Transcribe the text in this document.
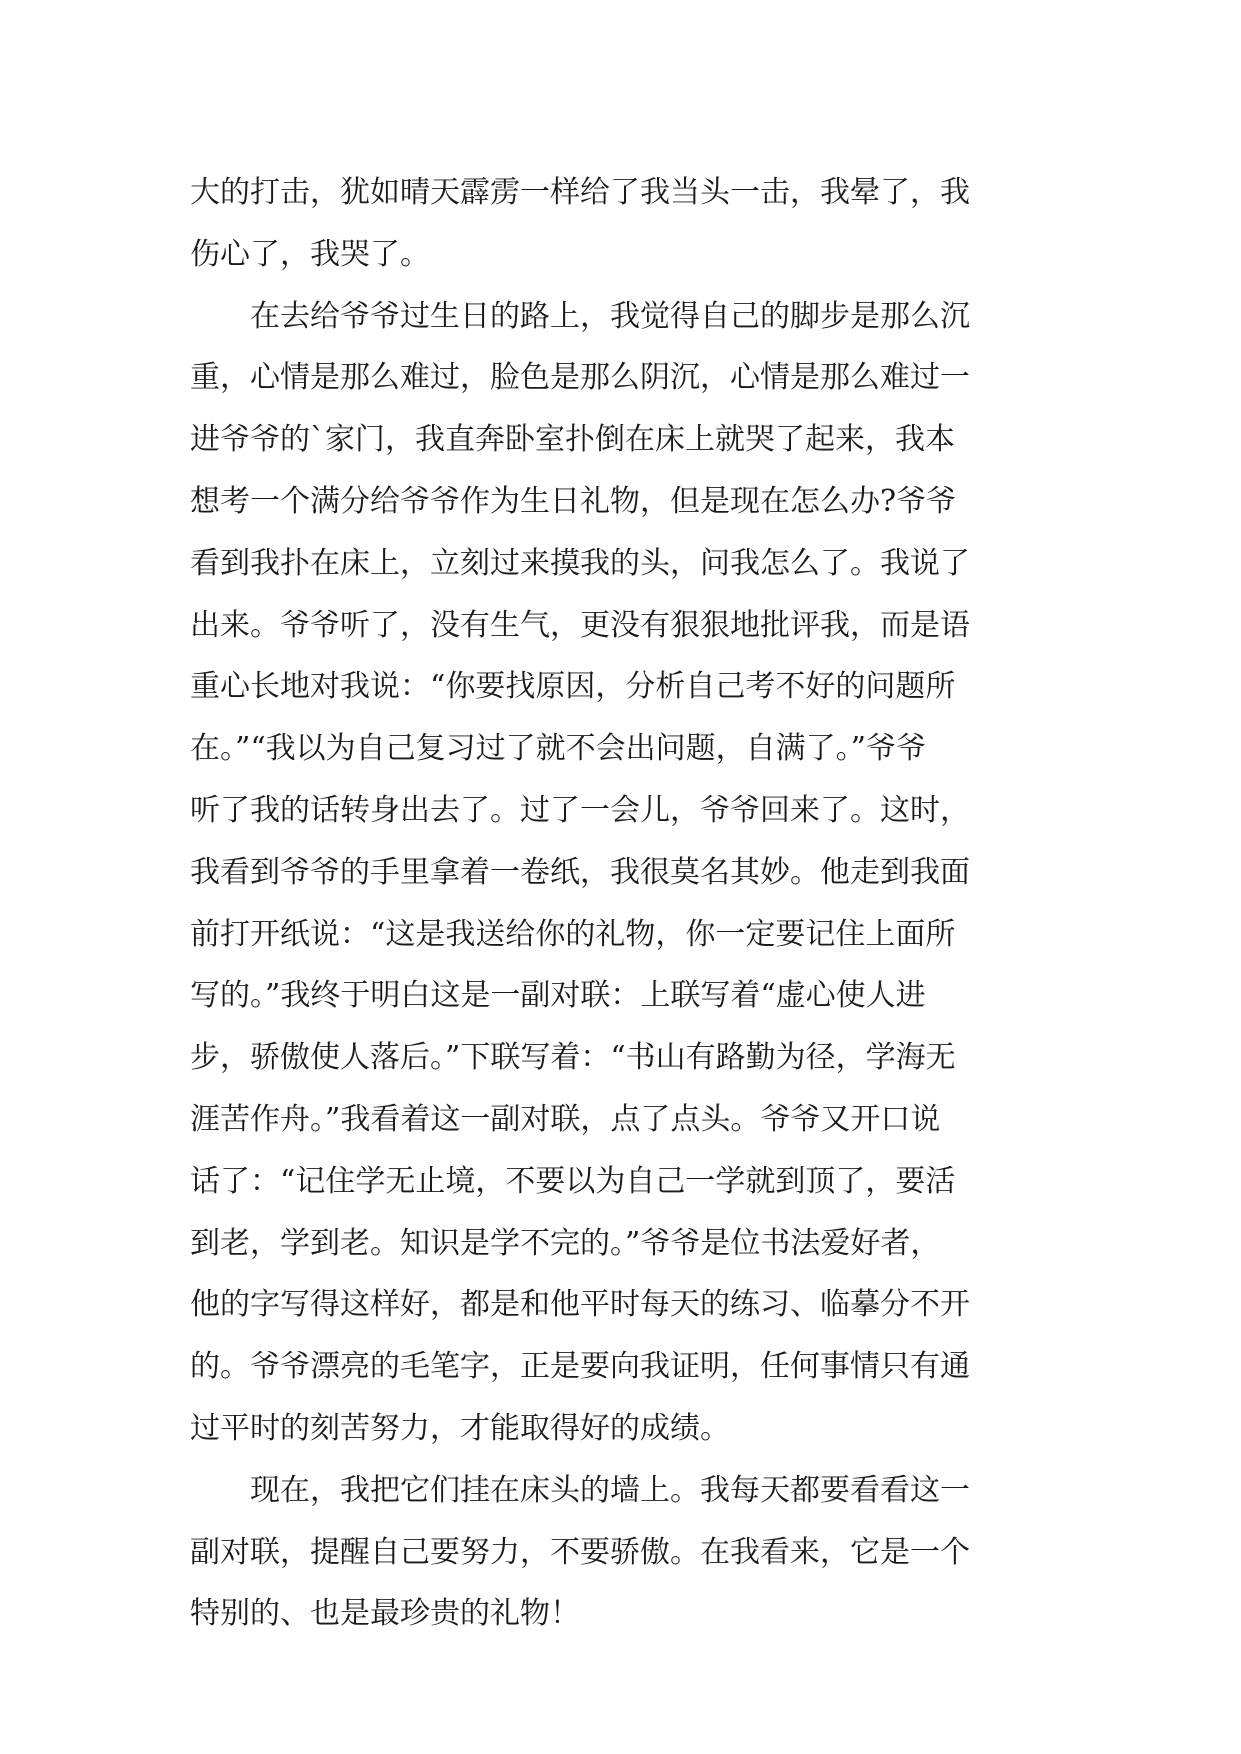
大的打击，犹如晴天霹雳一样给了我当头一击，我晕了，我
伤心了，我哭了。
　　在去给爷爷过生日的路上，我觉得自己的脚步是那么沉
重，心情是那么难过，脸色是那么阴沉，心情是那么难过一
进爷爷的`家门，我直奔卧室扑倒在床上就哭了起来，我本
想考一个满分给爷爷作为生日礼物，但是现在怎么办?爷爷
看到我扑在床上，立刻过来摸我的头，问我怎么了。我说了
出来。爷爷听了，没有生气，更没有狠狠地批评我，而是语
重心长地对我说：“你要找原因，分析自己考不好的问题所
在。”“我以为自己复习过了就不会出问题，自满了。”爷爷
听了我的话转身出去了。过了一会儿，爷爷回来了。这时，
我看到爷爷的手里拿着一卷纸，我很莫名其妙。他走到我面
前打开纸说：“这是我送给你的礼物，你一定要记住上面所
写的。”我终于明白这是一副对联：上联写着“虚心使人进
步，骄傲使人落后。”下联写着：“书山有路勤为径，学海无
涯苦作舟。”我看着这一副对联，点了点头。爷爷又开口说
话了：“记住学无止境，不要以为自己一学就到顶了，要活
到老，学到老。知识是学不完的。”爷爷是位书法爱好者，
他的字写得这样好，都是和他平时每天的练习、临摹分不开
的。爷爷漂亮的毛笔字，正是要向我证明，任何事情只有通
过平时的刻苦努力，才能取得好的成绩。
　　现在，我把它们挂在床头的墙上。我每天都要看看这一
副对联，提醒自己要努力，不要骄傲。在我看来，它是一个
特别的、也是最珍贵的礼物！
